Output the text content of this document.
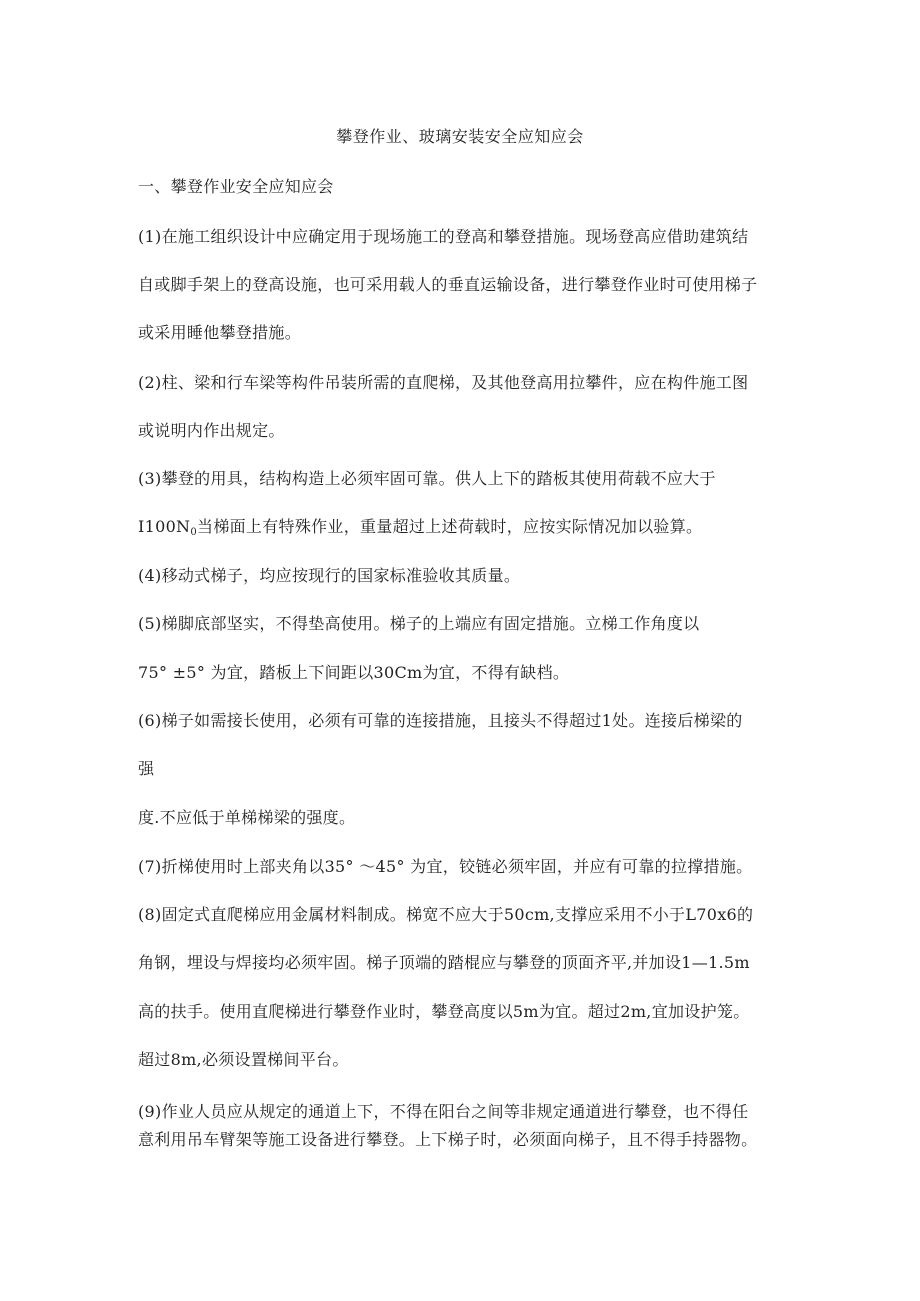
攀登作业、玻璃安装安全应知应会
一、攀登作业安全应知应会
(1)在施工组织设计中应确定用于现场施工的登高和攀登措施。现场登高应借助建筑结
自或脚手架上的登高设施，也可采用载人的垂直运输设备，进行攀登作业时可使用梯子
或采用睡他攀登措施。
(2)柱、梁和行车梁等构件吊装所需的直爬梯，及其他登高用拉攀件，应在构件施工图
或说明内作出规定。
(3)攀登的用具，结构构造上必须牢固可靠。供人上下的踏板其使用荷载不应大于
$I100N_0$当梯面上有特殊作业，重量超过上述荷载时，应按实际情况加以验算。
(4)移动式梯子，均应按现行的国家标准验收其质量。
(5)梯脚底部坚实，不得垫高使用。梯子的上端应有固定措施。立梯工作角度以
75° ±5° 为宜，踏板上下间距以30Cm为宜，不得有缺档。
(6)梯子如需接长使用，必须有可靠的连接措施，且接头不得超过1处。连接后梯梁的
强
度.不应低于单梯梯梁的强度。
(7)折梯使用时上部夹角以35° ～45° 为宜，铰链必须牢固，并应有可靠的拉撑措施。
(8)固定式直爬梯应用金属材料制成。梯宽不应大于50cm,支撑应采用不小于L70x6的
角钢，埋设与焊接均必须牢固。梯子顶端的踏棍应与攀登的顶面齐平,并加设1—1.5m
高的扶手。使用直爬梯进行攀登作业时，攀登高度以5m为宜。超过2m,宜加设护笼。
超过8m,必须设置梯间平台。
(9)作业人员应从规定的通道上下，不得在阳台之间等非规定通道进行攀登，也不得任
意利用吊车臂架等施工设备进行攀登。上下梯子时，必须面向梯子，且不得手持器物。
